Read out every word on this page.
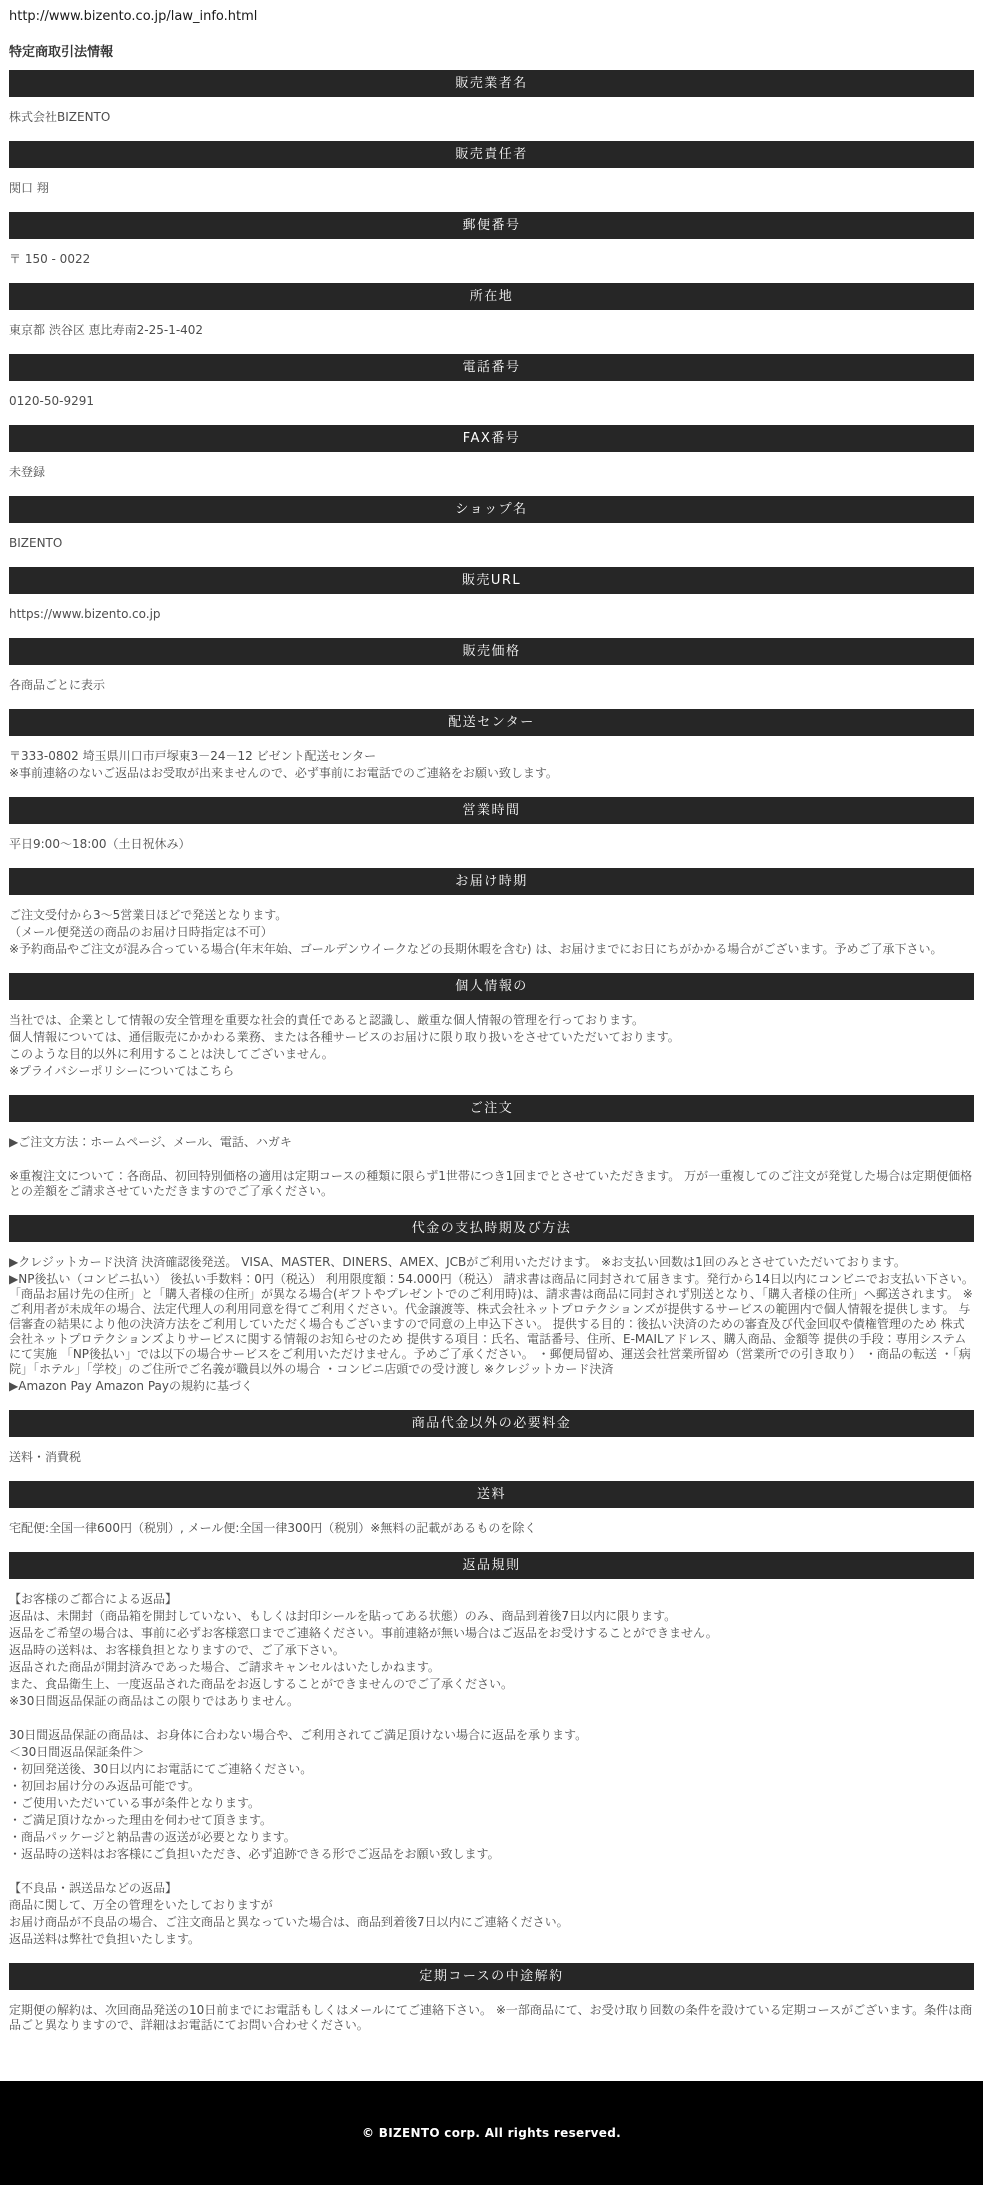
http://www.bizento.co.jp/law_info.html
特定商取引法情報
販売業者名

株式会社BIZENTO

販売責任者

関口 翔

郵便番号

〒 150 - 0022

所在地

東京都 渋谷区 恵比寿南2-25-1-402

電話番号

0120-50-9291

FAX番号

未登録

ショップ名

BIZENTO

販売URL

https://www.bizento.co.jp

販売価格

各商品ごとに表示

配送センター

〒333-0802 埼玉県川口市戸塚東3－24－12 ビゼント配送センター

※事前連絡のないご返品はお受取が出来ませんので、必ず事前にお電話でのご連絡をお願い致します。

営業時間

平日9:00～18:00（土日祝休み）

お届け時期

ご注文受付から3～5営業日ほどで発送となります。

（メール便発送の商品のお届け日時指定は不可）

※予約商品やご注文が混み合っている場合(年末年始、ゴールデンウイークなどの長期休暇を含む) は、お届けまでにお日にちがかかる場合がございます。予めご了承下さい。

個人情報の

当社では、企業として情報の安全管理を重要な社会的責任であると認識し、厳重な個人情報の管理を行っております。

個人情報については、通信販売にかかわる業務、または各種サービスのお届けに限り取り扱いをさせていただいております。

このような目的以外に利用することは決してございません。

※プライバシーポリシーについてはこちら

ご注文

▶ご注文方法：ホームページ、メール、電話、ハガキ

※重複注文について：各商品、初回特別価格の適用は定期コースの種類に限らず1世帯につき1回までとさせていただきます。 万が一重複してのご注文が発覚した場合は定期便価格との差額をご請求させていただきますのでご了承ください。

代金の支払時期及び方法

▶クレジットカード決済 決済確認後発送。 VISA、MASTER、DINERS、AMEX、JCBがご利用いただけます。 ※お支払い回数は1回のみとさせていただいております。

▶NP後払い（コンビニ払い） 後払い手数料：0円（税込） 利用限度額：54.000円（税込） 請求書は商品に同封されて届きます。発行から14日以内にコンビニでお支払い下さい。 「商品お届け先の住所」と「購入者様の住所」が異なる場合(ギフトやプレゼントでのご利用時)は、請求書は商品に同封されず別送となり、「購入者様の住所」へ郵送されます。 ※ご利用者が未成年の場合、法定代理人の利用同意を得てご利用ください。代金譲渡等、株式会社ネットプロテクションズが提供するサービスの範囲内で個人情報を提供します。 与信審査の結果により他の決済方法をご利用していただく場合もございますので同意の上申込下さい。 提供する目的：後払い決済のための審査及び代金回収や債権管理のため 株式会社ネットプロテクションズよりサービスに関する情報のお知らせのため 提供する項目：氏名、電話番号、住所、E-MAILアドレス、購入商品、金額等 提供の手段：専用システムにて実施 「NP後払い」では以下の場合サービスをご利用いただけません。予めご了承ください。 ・郵便局留め、運送会社営業所留め（営業所での引き取り） ・商品の転送 ・「病院」「ホテル」「学校」のご住所でご名義が職員以外の場合 ・コンビニ店頭での受け渡し ※クレジットカード決済

▶Amazon Pay Amazon Payの規約に基づく

商品代金以外の必要料金

送料・消費税

送料

宅配便:全国一律600円（税別）, メール便:全国一律300円（税別）※無料の記載があるものを除く

返品規則

【お客様のご都合による返品】

返品は、未開封（商品箱を開封していない、もしくは封印シールを貼ってある状態）のみ、商品到着後7日以内に限ります。

返品をご希望の場合は、事前に必ずお客様窓口までご連絡ください。事前連絡が無い場合はご返品をお受けすることができません。

返品時の送料は、お客様負担となりますので、ご了承下さい。

返品された商品が開封済みであった場合、ご請求キャンセルはいたしかねます。

また、食品衛生上、一度返品された商品をお返しすることができませんのでご了承ください。

※30日間返品保証の商品はこの限りではありません。

30日間返品保証の商品は、お身体に合わない場合や、ご利用されてご満足頂けない場合に返品を承ります。

＜30日間返品保証条件＞

・初回発送後、30日以内にお電話にてご連絡ください。

・初回お届け分のみ返品可能です。

・ご使用いただいている事が条件となります。

・ご満足頂けなかった理由を伺わせて頂きます。

・商品パッケージと納品書の返送が必要となります。

・返品時の送料はお客様にご負担いただき、必ず追跡できる形でご返品をお願い致します。

【不良品・誤送品などの返品】

商品に関して、万全の管理をいたしておりますが

お届け商品が不良品の場合、ご注文商品と異なっていた場合は、商品到着後7日以内にご連絡ください。

返品送料は弊社で負担いたします。

定期コースの中途解約

定期便の解約は、次回商品発送の10日前までにお電話もしくはメールにてご連絡下さい。 ※一部商品にて、お受け取り回数の条件を設けている定期コースがございます。条件は商品ごと異なりますので、詳細はお電話にてお問い合わせください。

© BIZENTO corp. All rights reserved.
